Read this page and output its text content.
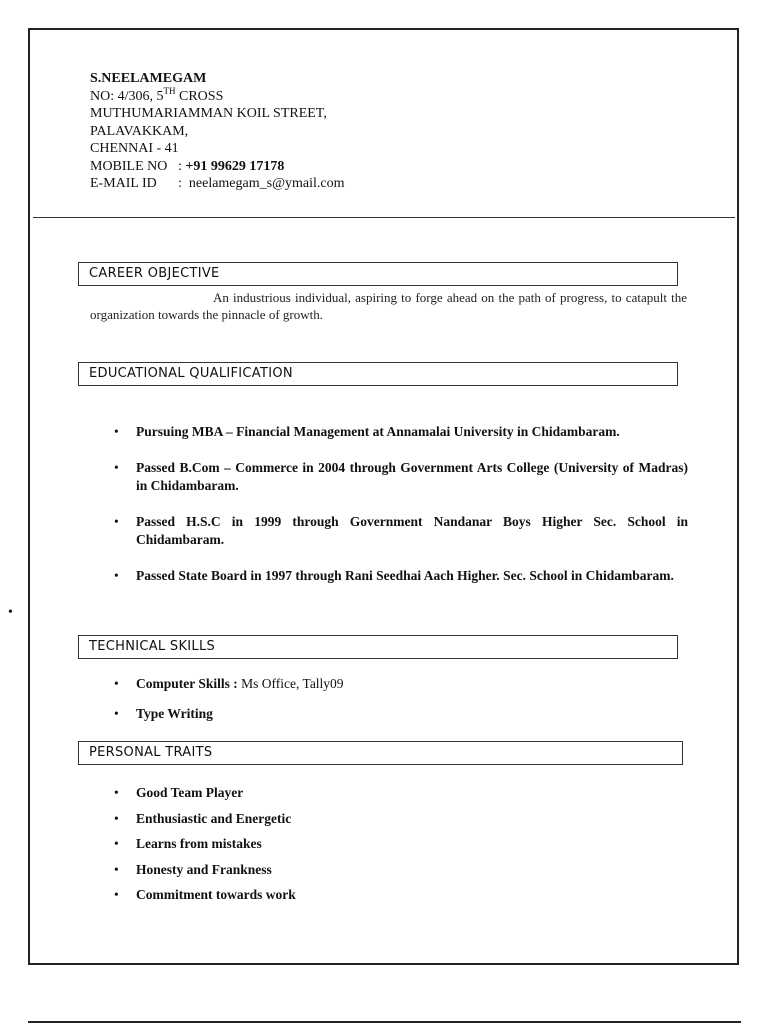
•
S.NEELAMEGAM
NO: 4/306, 5TH CROSS
MUTHUMARIAMMAN KOIL STREET,
PALAVAKKAM,
CHENNAI - 41
MOBILE NO : +91 99629 17178
E-MAIL ID : neelamegam_s@ymail.com
CAREER OBJECTIVE
An industrious individual, aspiring to forge ahead on the path of progress, to catapult the organization towards the pinnacle of growth.
EDUCATIONAL QUALIFICATION
• Pursuing MBA – Financial Management at Annamalai University in Chidambaram.
• Passed B.Com – Commerce in 2004 through Government Arts College (University of Madras) in Chidambaram.
• Passed H.S.C in 1999 through Government Nandanar Boys Higher Sec. School in Chidambaram.
• Passed State Board in 1997 through Rani Seedhai Aach Higher. Sec. School in Chidambaram.
TECHNICAL SKILLS
• Computer Skills : Ms Office, Tally09
• Type Writing
PERSONAL TRAITS
• Good Team Player
• Enthusiastic and Energetic
• Learns from mistakes
• Honesty and Frankness
• Commitment towards work
